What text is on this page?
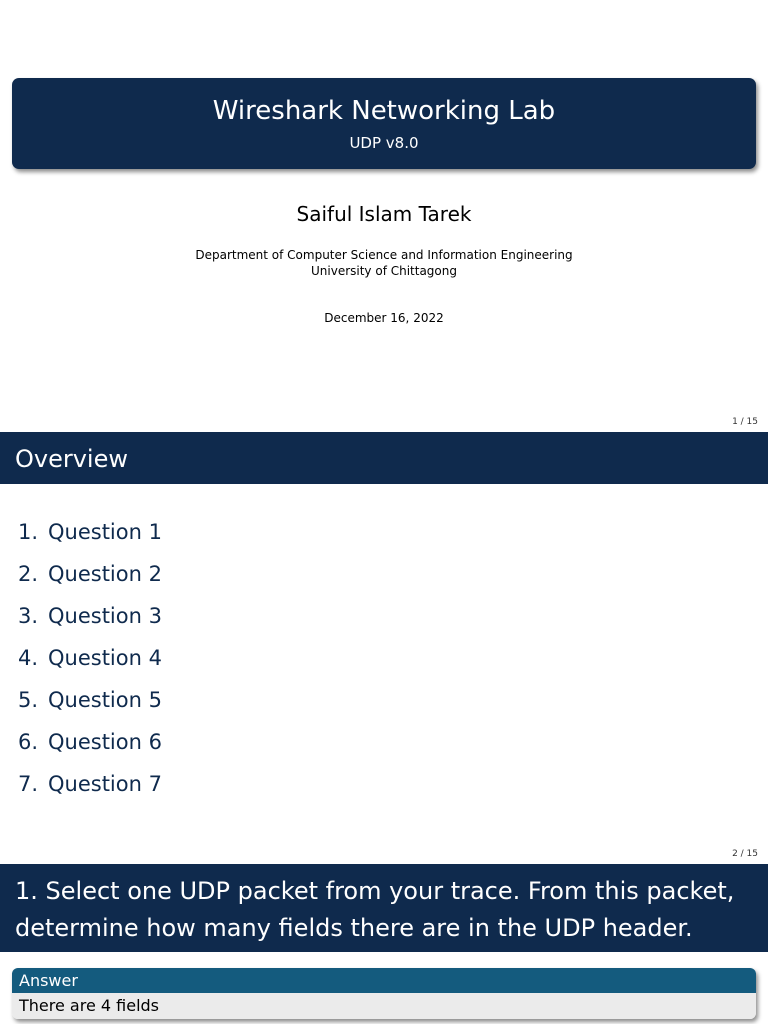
Wireshark Networking Lab
UDP v8.0
Saiful Islam Tarek
Department of Computer Science and Information Engineering
University of Chittagong
December 16, 2022
1 / 15
Overview
1. Question 1
2. Question 2
3. Question 3
4. Question 4
5. Question 5
6. Question 6
7. Question 7
2 / 15
1. Select one UDP packet from your trace. From this packet,
determine how many fields there are in the UDP header.
Answer
There are 4 fields
